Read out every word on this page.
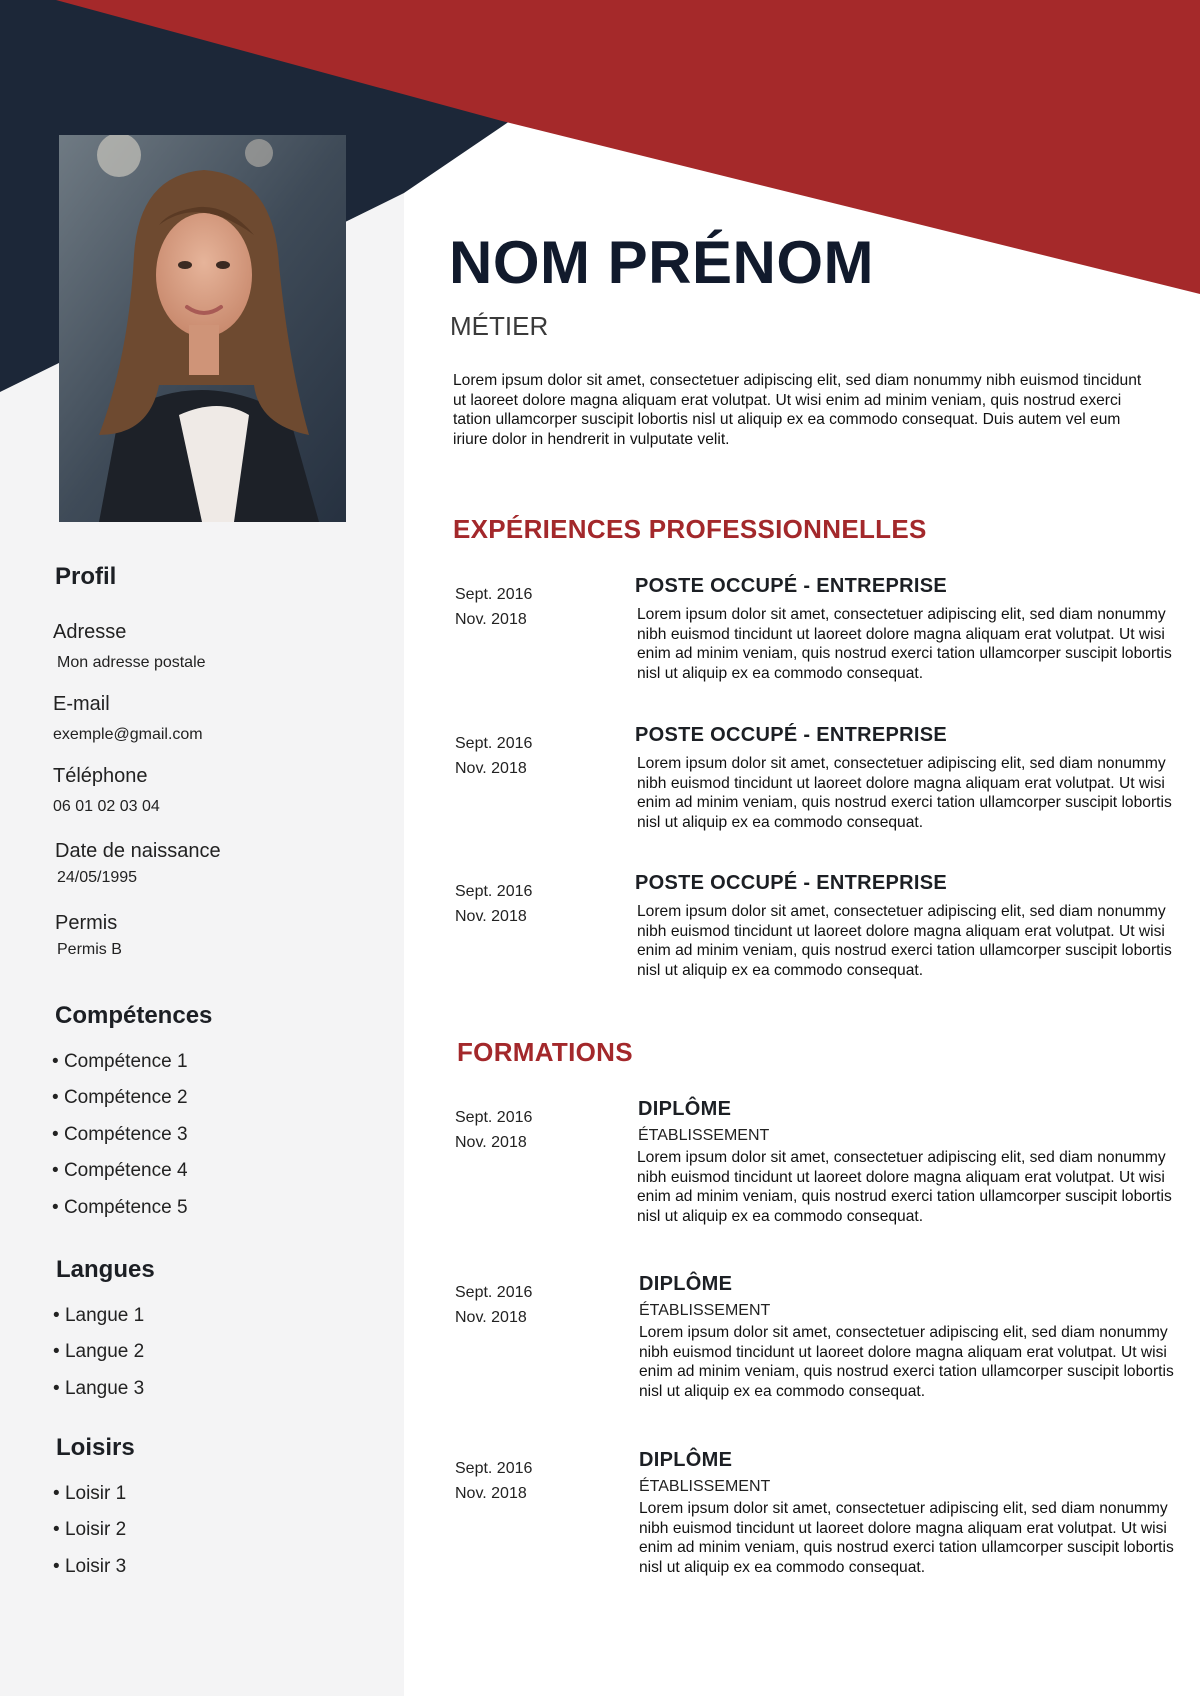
Profil
Adresse
Mon adresse postale
E-mail
exemple@gmail.com
Téléphone
06 01 02 03 04
Date de naissance
24/05/1995
Permis
Permis B
Compétences
• Compétence 1
• Compétence 2
• Compétence 3
• Compétence 4
• Compétence 5
Langues
• Langue 1
• Langue 2
• Langue 3
Loisirs
• Loisir 1
• Loisir 2
• Loisir 3
NOM PRÉNOM
MÉTIER

Lorem ipsum dolor sit amet, consectetuer adipiscing elit, sed diam nonummy nibh euismod tincidunt ut laoreet dolore magna aliquam erat volutpat. Ut wisi enim ad minim veniam, quis nostrud exerci tation ullamcorper suscipit lobortis nisl ut aliquip ex ea commodo consequat. Duis autem vel eum iriure dolor in hendrerit in vulputate velit.

EXPÉRIENCES PROFESSIONNELLES
Sept. 2016
Nov. 2018
POSTE OCCUPÉ - ENTREPRISE

Lorem ipsum dolor sit amet, consectetuer adipiscing elit, sed diam nonummy nibh euismod tincidunt ut laoreet dolore magna aliquam erat volutpat. Ut wisi enim ad minim veniam, quis nostrud exerci tation ullamcorper suscipit lobortis nisl ut aliquip ex ea commodo consequat.

Sept. 2016
Nov. 2018
POSTE OCCUPÉ - ENTREPRISE

Lorem ipsum dolor sit amet, consectetuer adipiscing elit, sed diam nonummy nibh euismod tincidunt ut laoreet dolore magna aliquam erat volutpat. Ut wisi enim ad minim veniam, quis nostrud exerci tation ullamcorper suscipit lobortis nisl ut aliquip ex ea commodo consequat.

Sept. 2016
Nov. 2018
POSTE OCCUPÉ - ENTREPRISE

Lorem ipsum dolor sit amet, consectetuer adipiscing elit, sed diam nonummy nibh euismod tincidunt ut laoreet dolore magna aliquam erat volutpat. Ut wisi enim ad minim veniam, quis nostrud exerci tation ullamcorper suscipit lobortis nisl ut aliquip ex ea commodo consequat.

FORMATIONS
Sept. 2016
Nov. 2018
DIPLÔME
ÉTABLISSEMENT

Lorem ipsum dolor sit amet, consectetuer adipiscing elit, sed diam nonummy nibh euismod tincidunt ut laoreet dolore magna aliquam erat volutpat. Ut wisi enim ad minim veniam, quis nostrud exerci tation ullamcorper suscipit lobortis nisl ut aliquip ex ea commodo consequat.

Sept. 2016
Nov. 2018
DIPLÔME
ÉTABLISSEMENT

Lorem ipsum dolor sit amet, consectetuer adipiscing elit, sed diam nonummy nibh euismod tincidunt ut laoreet dolore magna aliquam erat volutpat. Ut wisi enim ad minim veniam, quis nostrud exerci tation ullamcorper suscipit lobortis nisl ut aliquip ex ea commodo consequat.

Sept. 2016
Nov. 2018
DIPLÔME
ÉTABLISSEMENT

Lorem ipsum dolor sit amet, consectetuer adipiscing elit, sed diam nonummy nibh euismod tincidunt ut laoreet dolore magna aliquam erat volutpat. Ut wisi enim ad minim veniam, quis nostrud exerci tation ullamcorper suscipit lobortis nisl ut aliquip ex ea commodo consequat.
